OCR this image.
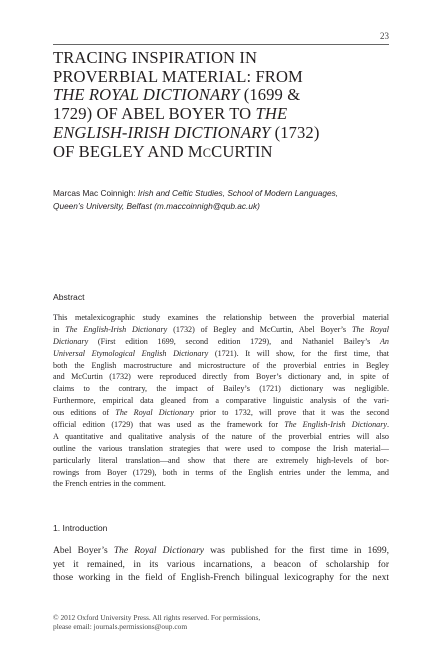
23
TRACING INSPIRATION IN
PROVERBIAL MATERIAL: FROM
THE ROYAL DICTIONARY (1699 &
1729) OF ABEL BOYER TO THE
ENGLISH-IRISH DICTIONARY (1732)
OF BEGLEY AND MCCURTIN
Marcas Mac Coinnigh: Irish and Celtic Studies, School of Modern Languages,
Queen’s University, Belfast (m.maccoinnigh@qub.ac.uk)
Abstract
This metalexicographic study examines the relationship between the proverbial material
in The English-Irish Dictionary (1732) of Begley and McCurtin, Abel Boyer’s The Royal
Dictionary (First edition 1699, second edition 1729), and Nathaniel Bailey’s An
Universal Etymological English Dictionary (1721). It will show, for the first time, that
both the English macrostructure and microstructure of the proverbial entries in Begley
and McCurtin (1732) were reproduced directly from Boyer’s dictionary and, in spite of
claims to the contrary, the impact of Bailey’s (1721) dictionary was negligible.
Furthermore, empirical data gleaned from a comparative linguistic analysis of the vari-
ous editions of The Royal Dictionary prior to 1732, will prove that it was the second
official edition (1729) that was used as the framework for The English-Irish Dictionary.
A quantitative and qualitative analysis of the nature of the proverbial entries will also
outline the various translation strategies that were used to compose the Irish material—
particularly literal translation—and show that there are extremely high-levels of bor-
rowings from Boyer (1729), both in terms of the English entries under the lemma, and
the French entries in the comment.
1. Introduction
Abel Boyer’s The Royal Dictionary was published for the first time in 1699,
yet it remained, in its various incarnations, a beacon of scholarship for
those working in the field of English-French bilingual lexicography for the next
© 2012 Oxford University Press. All rights reserved. For permissions,
please email: journals.permissions@oup.com
